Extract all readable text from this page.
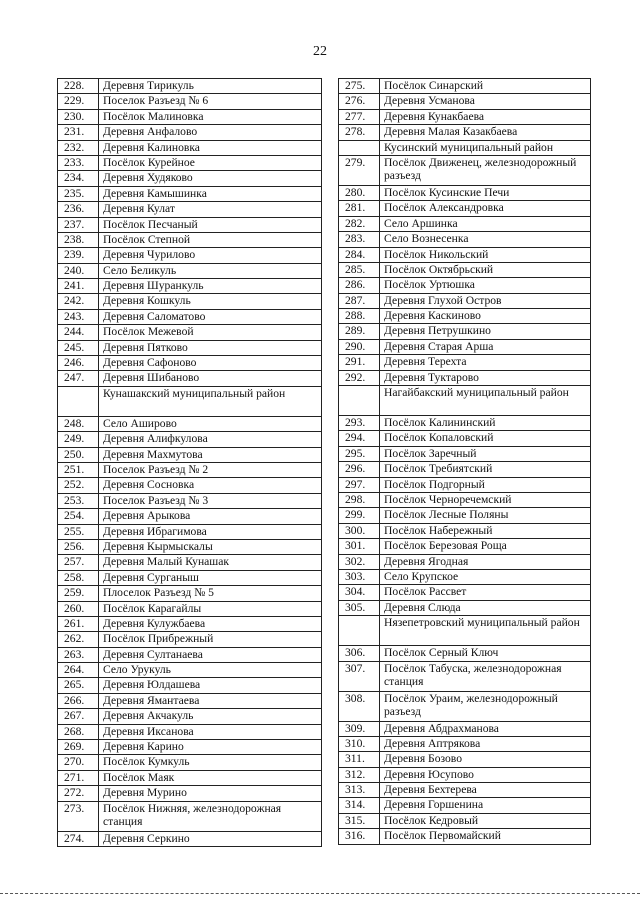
22
228.	Деревня Тирикуль
229.	Поселок Разъезд № 6
230.	Посёлок Малиновка
231.	Деревня Анфалово
232.	Деревня Калиновка
233.	Посёлок Курейное
234.	Деревня Худяково
235.	Деревня Камышинка
236.	Деревня Кулат
237.	Посёлок Песчаный
238.	Посёлок Степной
239.	Деревня Чурилово
240.	Село Беликуль
241.	Деревня Шуранкуль
242.	Деревня Кошкуль
243.	Деревня Саломатово
244.	Посёлок Межевой
245.	Деревня Пятково
246.	Деревня Сафоново
247.	Деревня Шибаново
	Кунашакский муниципальный район
248.	Село Аширово
249.	Деревня Алифкулова
250.	Деревня Махмутова
251.	Поселок Разъезд № 2
252.	Деревня Сосновка
253.	Поселок Разъезд № 3
254.	Деревня Арыкова
255.	Деревня Ибрагимова
256.	Деревня Кырмыскалы
257.	Деревня Малый Кунашак
258.	Деревня Сурганыш
259.	Плоселок Разъезд № 5
260.	Посёлок Карагайлы
261.	Деревня Кулужбаева
262.	Посёлок Прибрежный
263.	Деревня Султанаева
264.	Село Урукуль
265.	Деревня Юлдашева
266.	Деревня Ямантаева
267.	Деревня Акчакуль
268.	Деревня Иксанова
269.	Деревня Карино
270.	Посёлок Кумкуль
271.	Посёлок Маяк
272.	Деревня Мурино
273.	Посёлок Нижняя, железнодорожная станция
274.	Деревня Серкино
275.	Посёлок Синарский
276.	Деревня Усманова
277.	Деревня Кунакбаева
278.	Деревня Малая Казакбаева
	Кусинский муниципальный район
279.	Посёлок Движенец, железнодорожный разъезд
280.	Посёлок Кусинские Печи
281.	Посёлок Александровка
282.	Село Аршинка
283.	Село Вознесенка
284.	Посёлок Никольский
285.	Посёлок Октябрьский
286.	Посёлок Уртюшка
287.	Деревня Глухой Остров
288.	Деревня Каскиново
289.	Деревня Петрушкино
290.	Деревня Старая Арша
291.	Деревня Терехта
292.	Деревня Туктарово
	Нагайбакский муниципальный район
293.	Посёлок Калининский
294.	Посёлок Копаловский
295.	Посёлок Заречный
296.	Посёлок Требиятский
297.	Посёлок Подгорный
298.	Посёлок Черноречемский
299.	Посёлок Лесные Поляны
300.	Посёлок Набережный
301.	Посёлок Березовая Роща
302.	Деревня Ягодная
303.	Село Крупское
304.	Посёлок Рассвет
305.	Деревня Слюда
	Нязепетровский муниципальный район
306.	Посёлок Серный Ключ
307.	Посёлок Табуска, железнодорожная станция
308.	Посёлок Ураим, железнодорожный разъезд
309.	Деревня Абдрахманова
310.	Деревня Аптрякова
311.	Деревня Бозово
312.	Деревня Юсупово
313.	Деревня Бехтерева
314.	Деревня Горшенина
315.	Посёлок Кедровый
316.	Посёлок Первомайский
